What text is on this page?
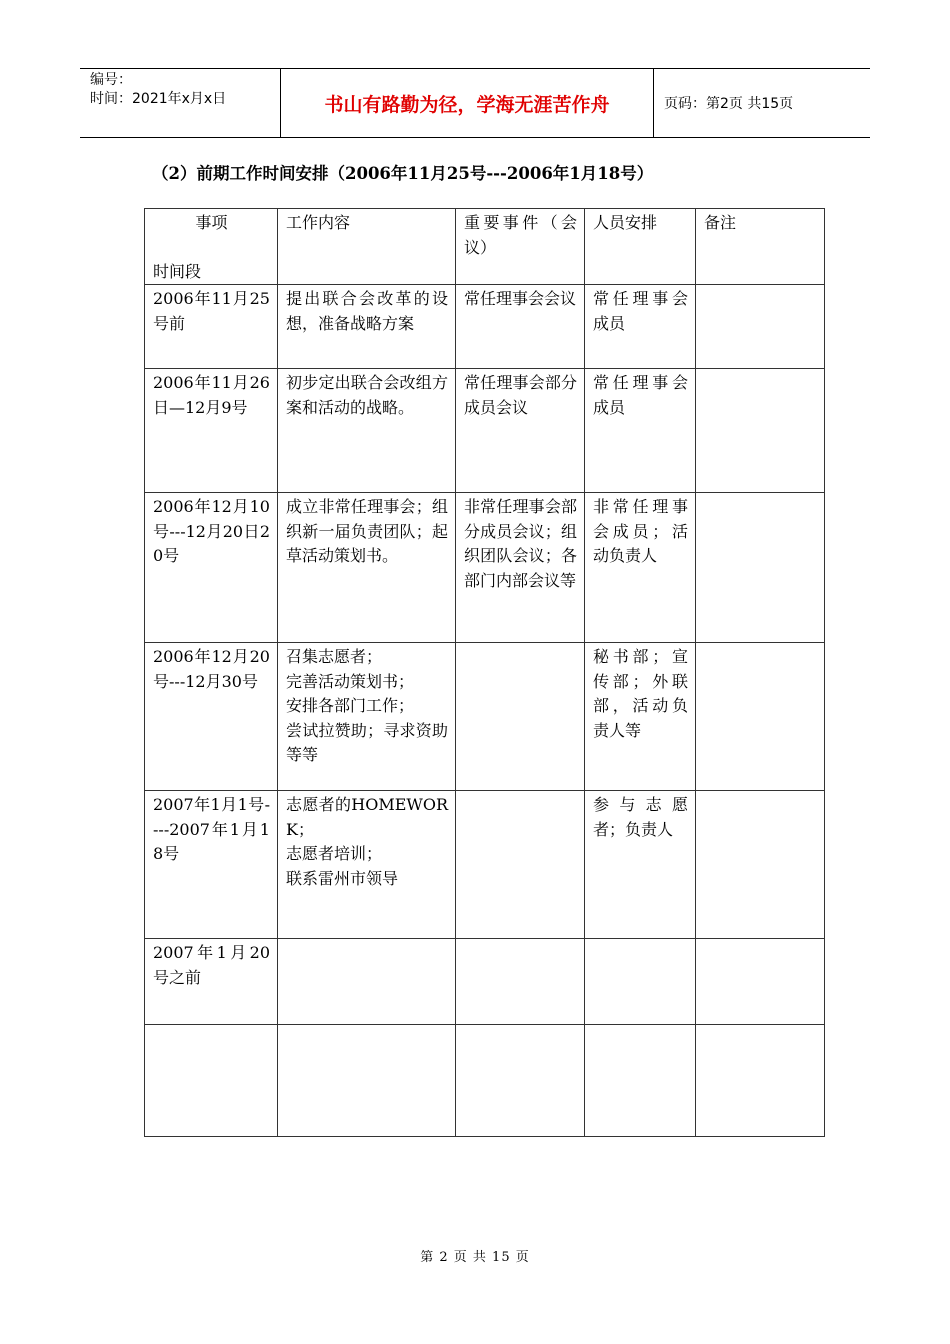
编号：
时间：2021年x月x日	书山有路勤为径，学海无涯苦作舟	页码：第2页 共15页
（2）前期工作时间安排（2006年11月25号---2006年1月18号）
事项
时间段	工作内容	重要事件（会议）	人员安排	备注
2006年11月25号前	提出联合会改革的设想，准备战略方案	常任理事会会议	常任理事会成员	
2006年11月26日—12月9号	初步定出联合会改组方案和活动的战略。	常任理事会部分成员会议	常任理事会成员	
2006年12月10号---12月20日20号	成立非常任理事会；组织新一届负责团队；起草活动策划书。	非常任理事会部分成员会议；组织团队会议；各部门内部会议等	非常任理事会成员；活动负责人	
2006年12月20号---12月30号	召集志愿者；
完善活动策划书；
安排各部门工作；
尝试拉赞助；寻求资助等等		秘书部；宣传部；外联部，活动负责人等	
2007年1月1号----2007年1月18号	志愿者的HOMEWORK；
志愿者培训；
联系雷州市领导		参与志愿者；负责人	
2007年1月20号之前				

第 2 页 共 15 页
